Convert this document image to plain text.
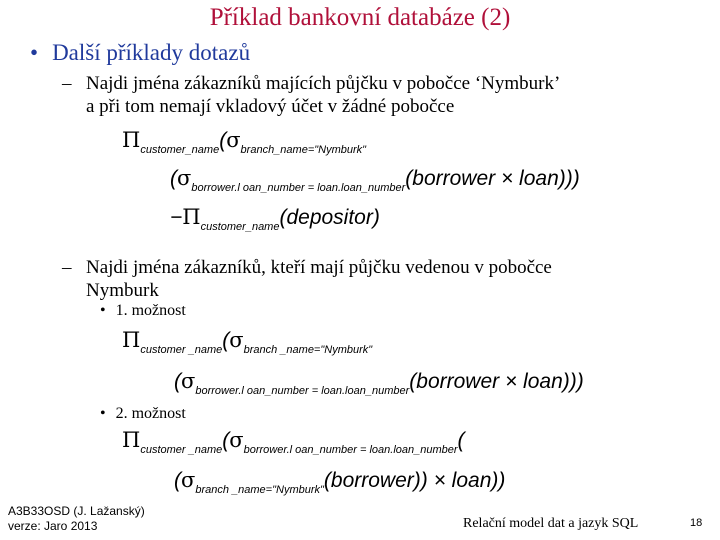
Příklad bankovní databáze (2)
• Další příklady dotazů
– Najdi jména zákazníků majících půjčku v pobočce ‘Nymburk’
a při tom nemají vkladový účet v žádné pobočce
$\Pi_{customer\_name}(\sigma_{branch\_name="Nymburk"}$
($\sigma_{borrower.l oan\_number = loan.loan\_number}(borrower$ × loan)))
$-\Pi_{customer\_name}(depositor)$
– Najdi jména zákazníků, kteří mají půjčku vedenou v pobočce
Nymburk
• 1. možnost
$\Pi_{customer \_name}(\sigma_{branch \_name="Nymburk"}$
($\sigma_{borrower.l oan\_number = loan.loan\_number}(borrower$ × loan)))
• 2. možnost
$\Pi_{customer \_name}(\sigma_{borrower.l oan\_number = loan.loan\_number}$(
$(\sigma_{branch \_name="Nymburk"}(borrower))$ × loan))
A3B33OSD (J. Lažanský)
verze: Jaro 2013	Relační model dat a jazyk SQL	18
